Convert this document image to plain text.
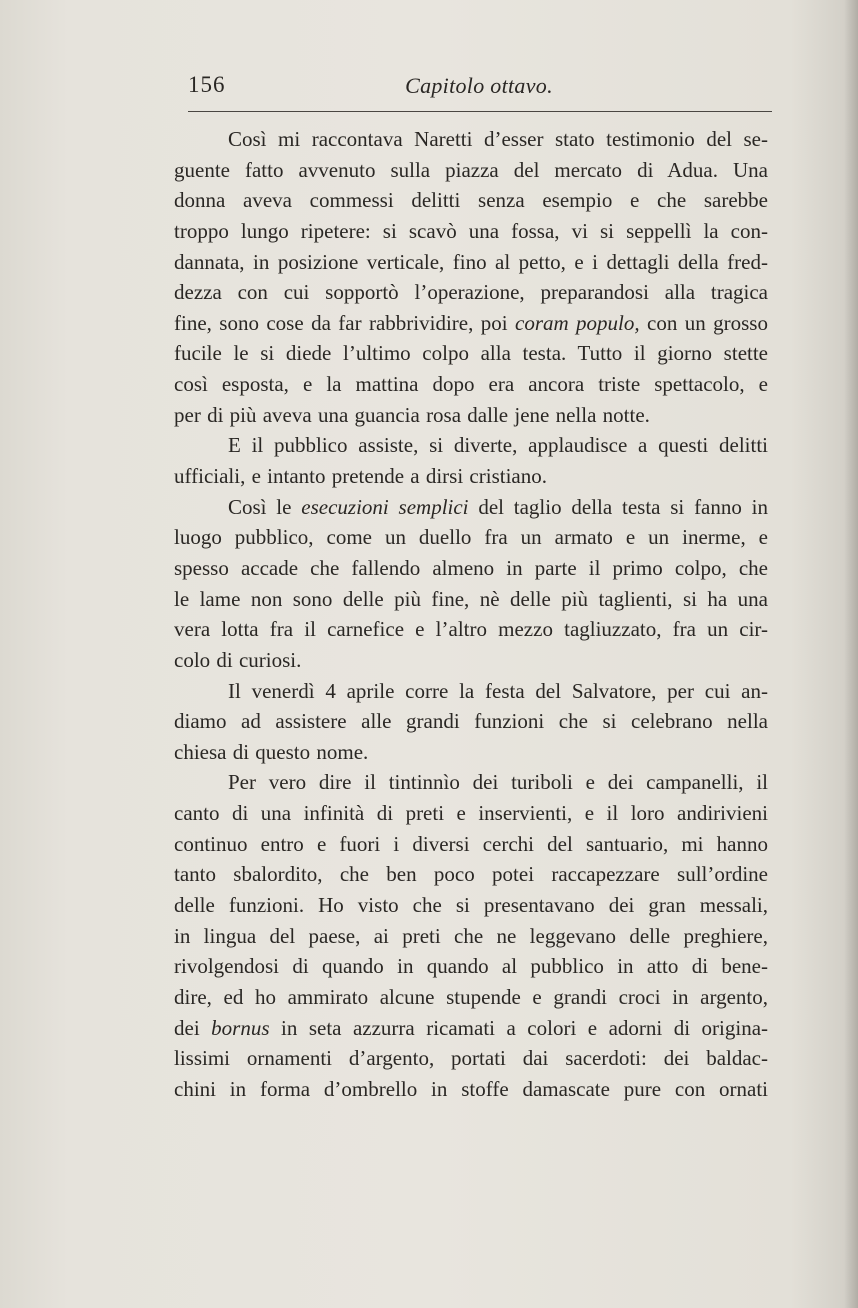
156	Capitolo ottavo.
Così mi raccontava Naretti d’esser stato testimonio del se-
guente fatto avvenuto sulla piazza del mercato di Adua. Una
donna aveva commessi delitti senza esempio e che sarebbe
troppo lungo ripetere: si scavò una fossa, vi si seppellì la con-
dannata, in posizione verticale, fino al petto, e i dettagli della fred-
dezza con cui sopportò l’operazione, preparandosi alla tragica
fine, sono cose da far rabbrividire, poi coram populo, con un grosso
fucile le si diede l’ultimo colpo alla testa. Tutto il giorno stette
così esposta, e la mattina dopo era ancora triste spettacolo, e
per di più aveva una guancia rosa dalle jene nella notte.
E il pubblico assiste, si diverte, applaudisce a questi delitti
ufficiali, e intanto pretende a dirsi cristiano.
Così le esecuzioni semplici del taglio della testa si fanno in
luogo pubblico, come un duello fra un armato e un inerme, e
spesso accade che fallendo almeno in parte il primo colpo, che
le lame non sono delle più fine, nè delle più taglienti, si ha una
vera lotta fra il carnefice e l’altro mezzo tagliuzzato, fra un cir-
colo di curiosi.
Il venerdì 4 aprile corre la festa del Salvatore, per cui an-
diamo ad assistere alle grandi funzioni che si celebrano nella
chiesa di questo nome.
Per vero dire il tintinnìo dei turiboli e dei campanelli, il
canto di una infinità di preti e inservienti, e il loro andirivieni
continuo entro e fuori i diversi cerchi del santuario, mi hanno
tanto sbalordito, che ben poco potei raccapezzare sull’ordine
delle funzioni. Ho visto che si presentavano dei gran messali,
in lingua del paese, ai preti che ne leggevano delle preghiere,
rivolgendosi di quando in quando al pubblico in atto di bene-
dire, ed ho ammirato alcune stupende e grandi croci in argento,
dei bornus in seta azzurra ricamati a colori e adorni di origina-
lissimi ornamenti d’argento, portati dai sacerdoti: dei baldac-
chini in forma d’ombrello in stoffe damascate pure con ornati
